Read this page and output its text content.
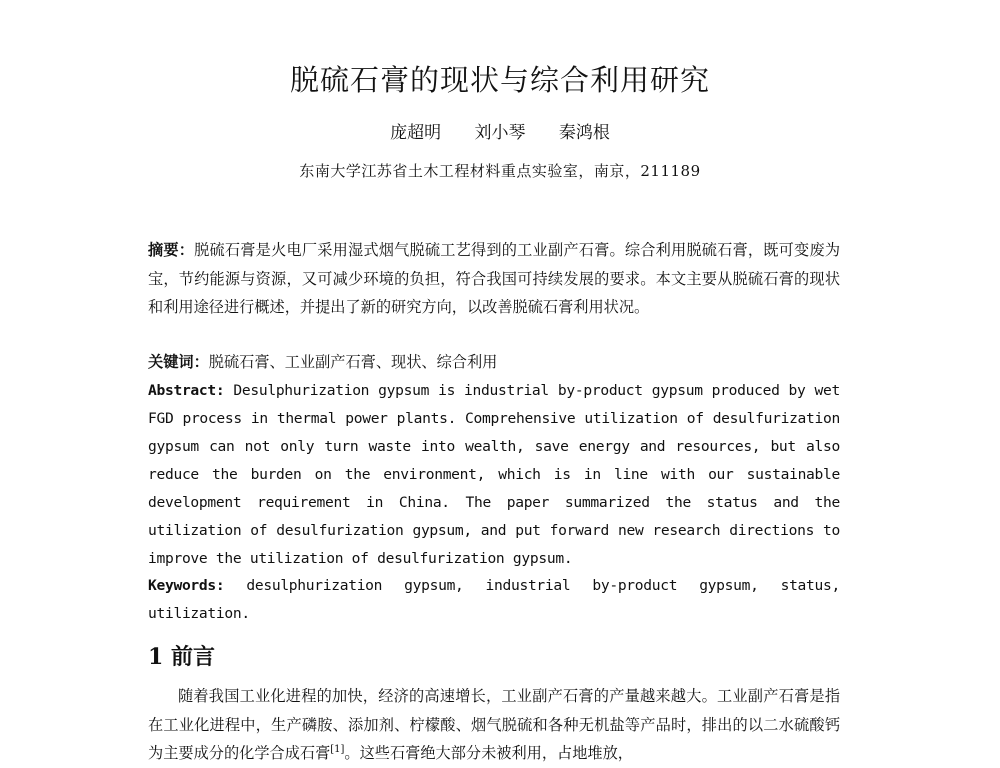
脱硫石膏的现状与综合利用研究
庞超明 刘小琴 秦鸿根
东南大学江苏省土木工程材料重点实验室，南京，211189

摘要：脱硫石膏是火电厂采用湿式烟气脱硫工艺得到的工业副产石膏。综合利用脱硫石膏，既可变废为宝，节约能源与资源，又可减少环境的负担，符合我国可持续发展的要求。本文主要从脱硫石膏的现状和利用途径进行概述，并提出了新的研究方向，以改善脱硫石膏利用状况。

关键词：脱硫石膏、工业副产石膏、现状、综合利用

Abstract: Desulphurization gypsum is industrial by-product gypsum produced by wet FGD process in thermal power plants. Comprehensive utilization of desulfurization gypsum can not only turn waste into wealth, save energy and resources, but also reduce the burden on the environment, which is in line with our sustainable development requirement in China. The paper summarized the status and the utilization of desulfurization gypsum, and put forward new research directions to improve the utilization of desulfurization gypsum.

Keywords: desulphurization gypsum, industrial by-product gypsum, status, utilization.

1 前言

随着我国工业化进程的加快，经济的高速增长，工业副产石膏的产量越来越大。工业副产石膏是指在工业化进程中，生产磷胺、添加剂、柠檬酸、烟气脱硫和各种无机盐等产品时，排出的以二水硫酸钙为主要成分的化学合成石膏[1]。这些石膏绝大部分未被利用，占地堆放，
